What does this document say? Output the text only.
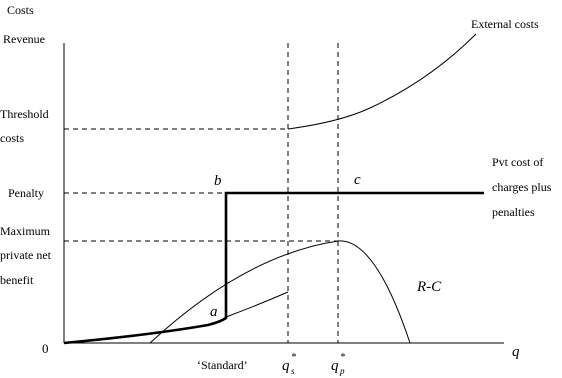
Costs
Revenue
0	q
Threshold
costs
Penalty
Maximum
private net
benefit
‘Standard’ q
*
s q
*
p
External costs
Pvt cost of
charges plus
penalties
R-C
a
b	c
